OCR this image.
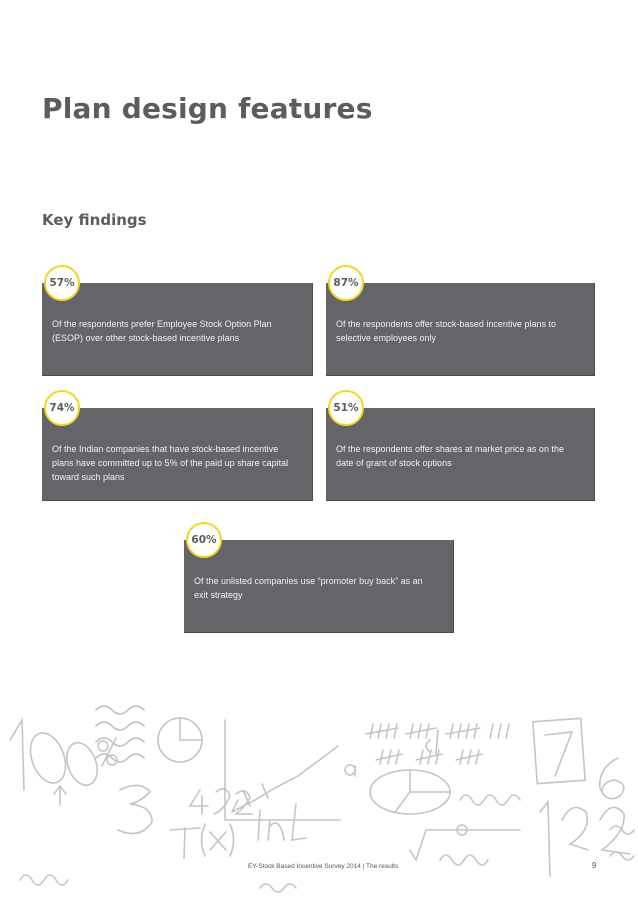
Plan design features
Key findings
Of the respondents prefer Employee Stock Option Plan (ESOP) over other stock-based incentive plans
57%
Of the respondents offer stock-based incentive plans to selective employees only
87%
Of the Indian companies that have stock-based incentive plans have committed up to 5% of the paid up share capital toward such plans
74%
Of the respondents offer shares at market price as on the date of grant of stock options
51%
Of the unlisted companies use “promoter buy back” as an exit strategy
60%
EY-Stock Based Incentive Survey 2014 | The results	9
